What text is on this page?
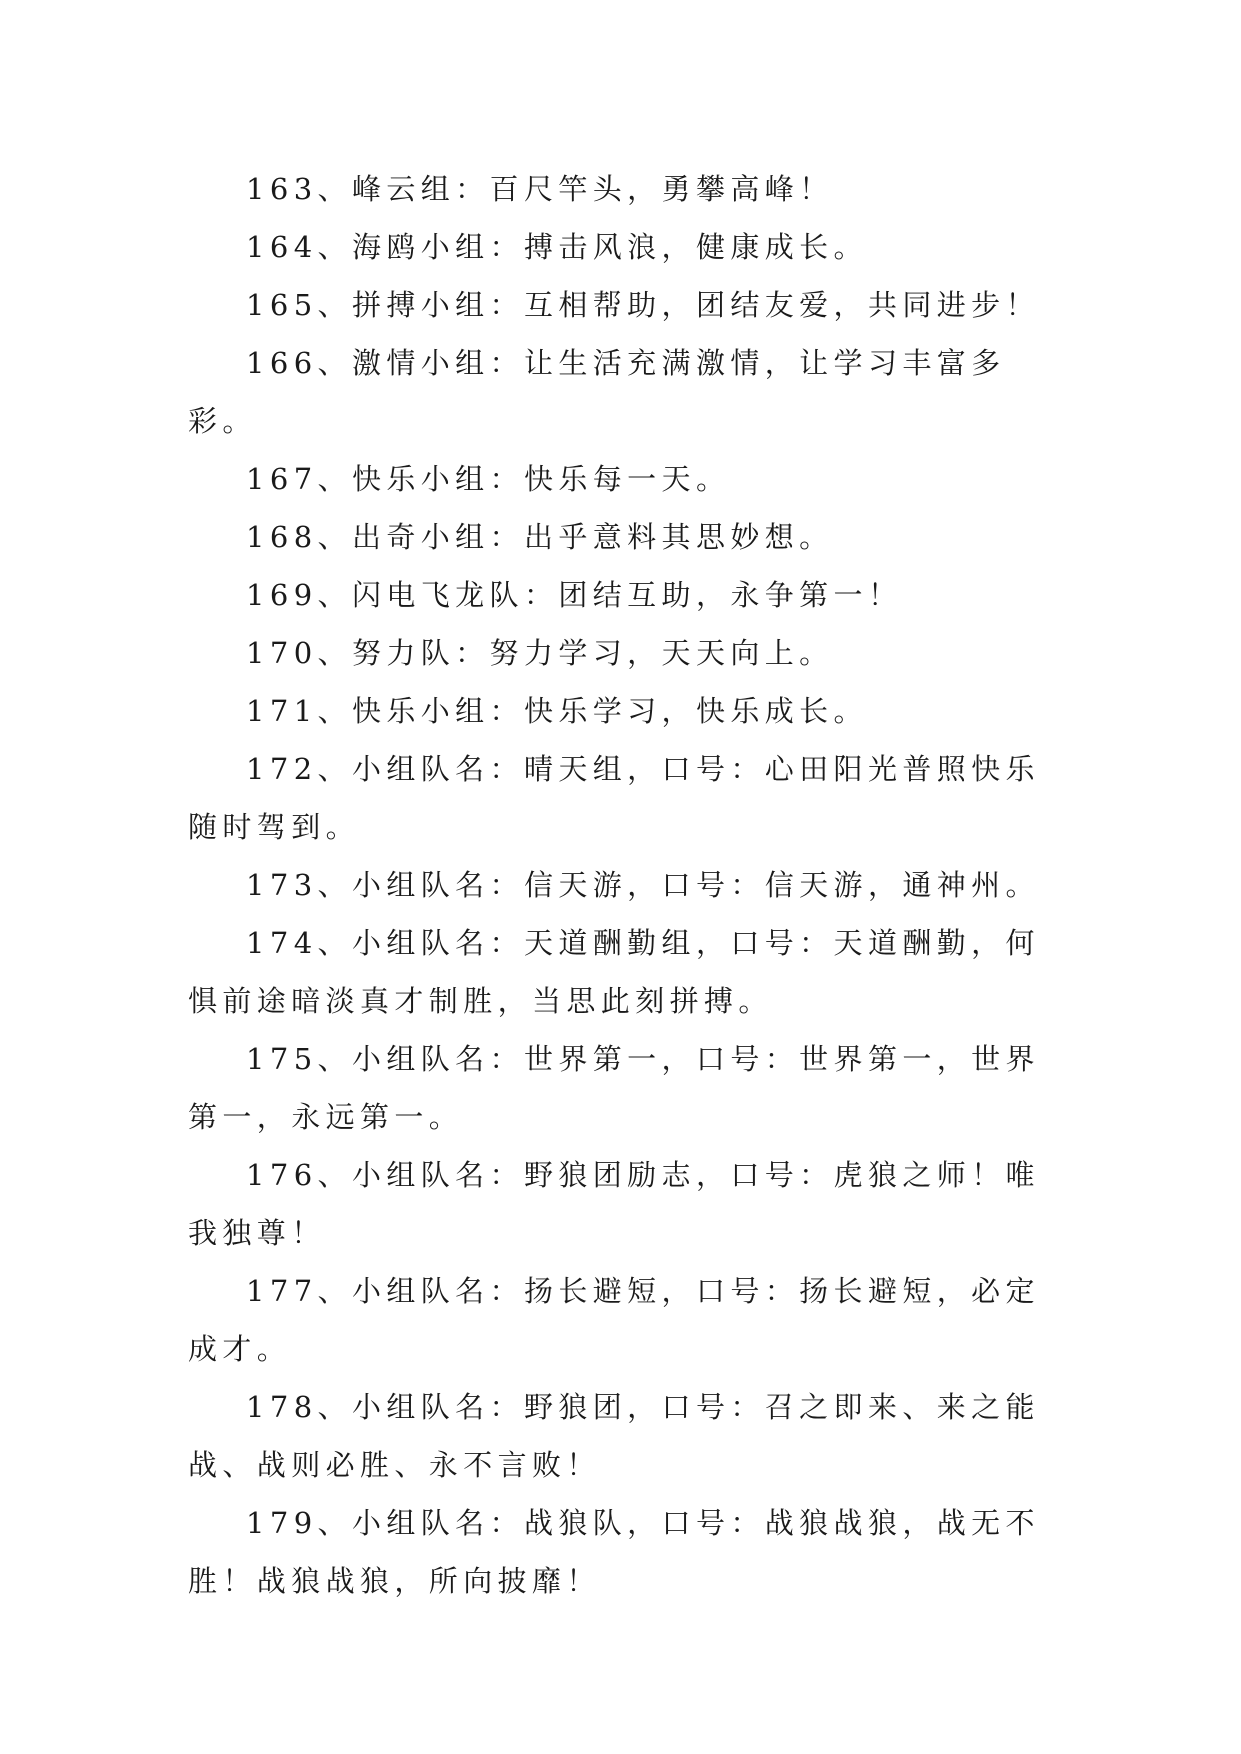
163、峰云组：百尺竿头，勇攀高峰！

164、海鸥小组：搏击风浪，健康成长。

165、拼搏小组：互相帮助，团结友爱，共同进步！

166、激情小组：让生活充满激情，让学习丰富多彩。

167、快乐小组：快乐每一天。

168、出奇小组：出乎意料其思妙想。

169、闪电飞龙队：团结互助，永争第一！

170、努力队：努力学习，天天向上。

171、快乐小组：快乐学习，快乐成长。

172、小组队名：晴天组，口号：心田阳光普照快乐随时驾到。

173、小组队名：信天游，口号：信天游，通神州。

174、小组队名：天道酬勤组，口号：天道酬勤，何惧前途暗淡真才制胜，当思此刻拼搏。

175、小组队名：世界第一，口号：世界第一，世界第一，永远第一。

176、小组队名：野狼团励志，口号：虎狼之师！唯我独尊！

177、小组队名：扬长避短，口号：扬长避短，必定成才。

178、小组队名：野狼团，口号：召之即来、来之能战、战则必胜、永不言败！

179、小组队名：战狼队，口号：战狼战狼，战无不胜！战狼战狼，所向披靡！
